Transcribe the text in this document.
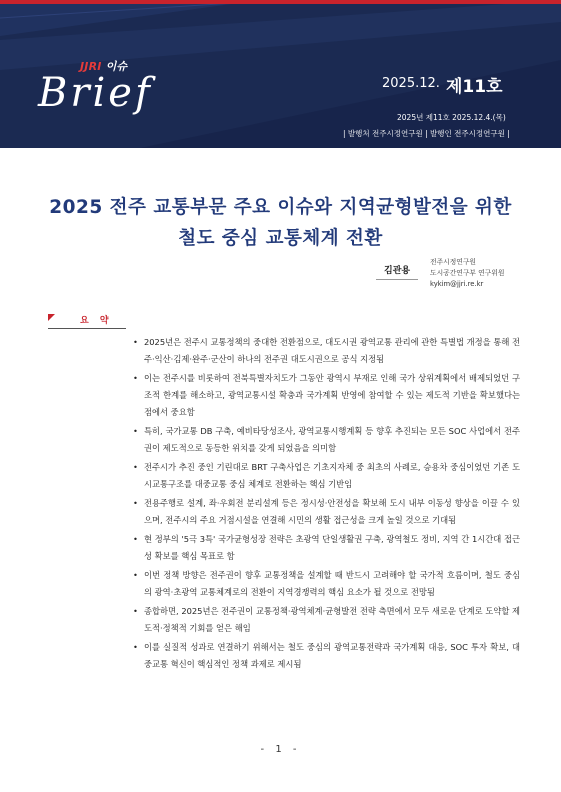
JJRI 이슈
Brief	2025.12. 제11호
2025년 제11호 2025.12.4.(목)
| 발행처 전주시정연구원 | 발행인 전주시정연구원 |
2025 전주 교통부문 주요 이슈와 지역균형발전을 위한
철도 중심 교통체계 전환
김관용
전주시정연구원
도시공간연구부 연구위원
kykim@jjri.re.kr
요 약
• 2025년은 전주시 교통정책의 중대한 전환점으로, 대도시권 광역교통 관리에 관한 특별법 개정을 통해 전주·익산·김제·완주·군산이 하나의 전주권 대도시권으로 공식 지정됨
• 이는 전주시를 비롯하여 전북특별자치도가 그동안 광역시 부재로 인해 국가 상위계획에서 배제되었던 구조적 한계를 해소하고, 광역교통시설 확충과 국가계획 반영에 참여할 수 있는 제도적 기반을 확보했다는 점에서 중요함
• 특히, 국가교통 DB 구축, 예비타당성조사, 광역교통시행계획 등 향후 추진되는 모든 SOC 사업에서 전주권이 제도적으로 동등한 위치를 갖게 되었음을 의미함
• 전주시가 추진 중인 기린대로 BRT 구축사업은 기초지자체 중 최초의 사례로, 승용차 중심이었던 기존 도시교통구조를 대중교통 중심 체계로 전환하는 핵심 기반임
• 전용주행로 설계, 좌·우회전 분리설계 등은 정시성·안전성을 확보해 도시 내부 이동성 향상을 이끌 수 있으며, 전주시의 주요 거점시설을 연결해 시민의 생활 접근성을 크게 높일 것으로 기대됨
• 현 정부의 '5극 3특' 국가균형성장 전략은 초광역 단일생활권 구축, 광역철도 정비, 지역 간 1시간대 접근성 확보를 핵심 목표로 함
• 이번 정책 방향은 전주권이 향후 교통정책을 설계할 때 반드시 고려해야 할 국가적 흐름이며, 철도 중심의 광역·초광역 교통체계로의 전환이 지역경쟁력의 핵심 요소가 될 것으로 전망됨
• 종합하면, 2025년은 전주권이 교통정책·광역체계·균형발전 전략 측면에서 모두 새로운 단계로 도약할 제도적·정책적 기회를 얻은 해임
• 이를 실질적 성과로 연결하기 위해서는 철도 중심의 광역교통전략과 국가계획 대응, SOC 투자 확보, 대중교통 혁신이 핵심적인 정책 과제로 제시됨
- 1 -
